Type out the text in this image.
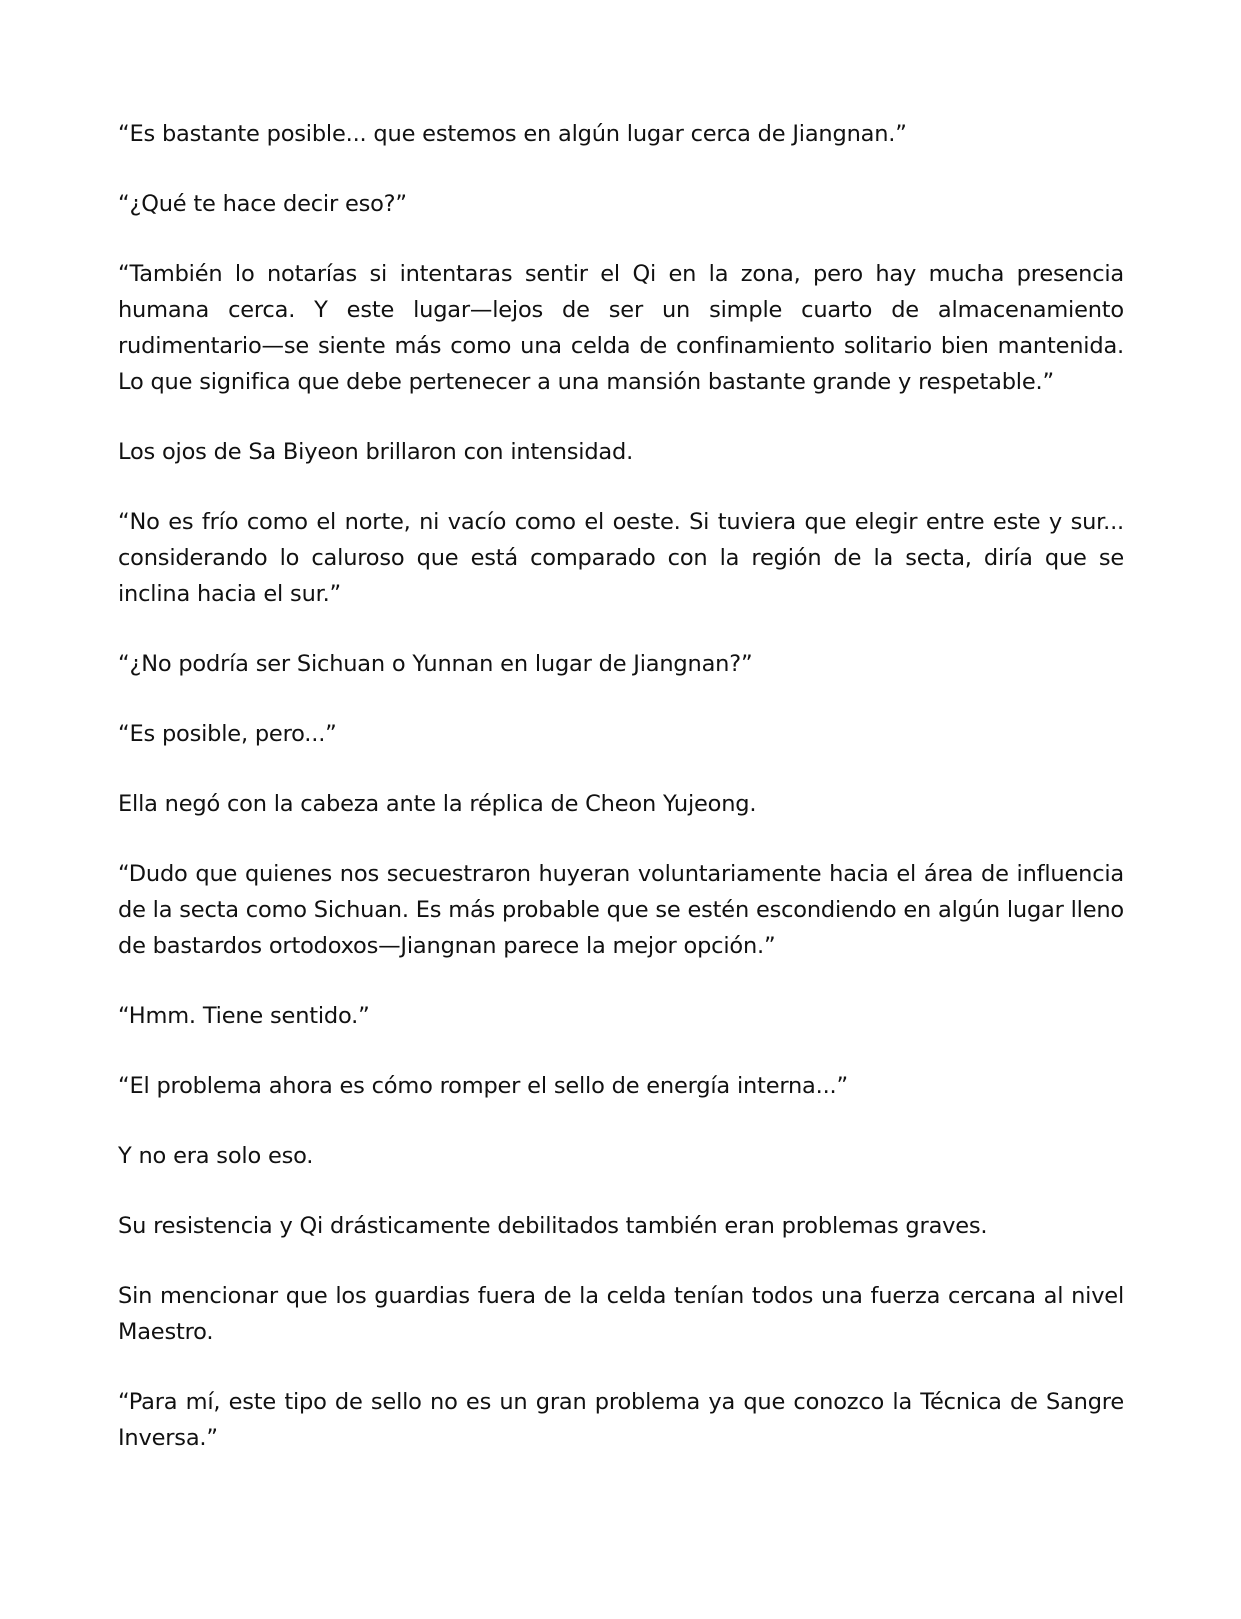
“Es bastante posible... que estemos en algún lugar cerca de Jiangnan.”

“¿Qué te hace decir eso?”

“También lo notarías si intentaras sentir el Qi en la zona, pero hay mucha presencia humana cerca. Y este lugar—lejos de ser un simple cuarto de almacenamiento rudimentario—se siente más como una celda de confinamiento solitario bien mantenida. Lo que significa que debe pertenecer a una mansión bastante grande y respetable.”

Los ojos de Sa Biyeon brillaron con intensidad.

“No es frío como el norte, ni vacío como el oeste. Si tuviera que elegir entre este y sur... considerando lo caluroso que está comparado con la región de la secta, diría que se inclina hacia el sur.”

“¿No podría ser Sichuan o Yunnan en lugar de Jiangnan?”

“Es posible, pero...”

Ella negó con la cabeza ante la réplica de Cheon Yujeong.

“Dudo que quienes nos secuestraron huyeran voluntariamente hacia el área de influencia de la secta como Sichuan. Es más probable que se estén escondiendo en algún lugar lleno de bastardos ortodoxos—Jiangnan parece la mejor opción.”

“Hmm. Tiene sentido.”

“El problema ahora es cómo romper el sello de energía interna...”

Y no era solo eso.

Su resistencia y Qi drásticamente debilitados también eran problemas graves.

Sin mencionar que los guardias fuera de la celda tenían todos una fuerza cercana al nivel Maestro.

“Para mí, este tipo de sello no es un gran problema ya que conozco la Técnica de Sangre Inversa.”
